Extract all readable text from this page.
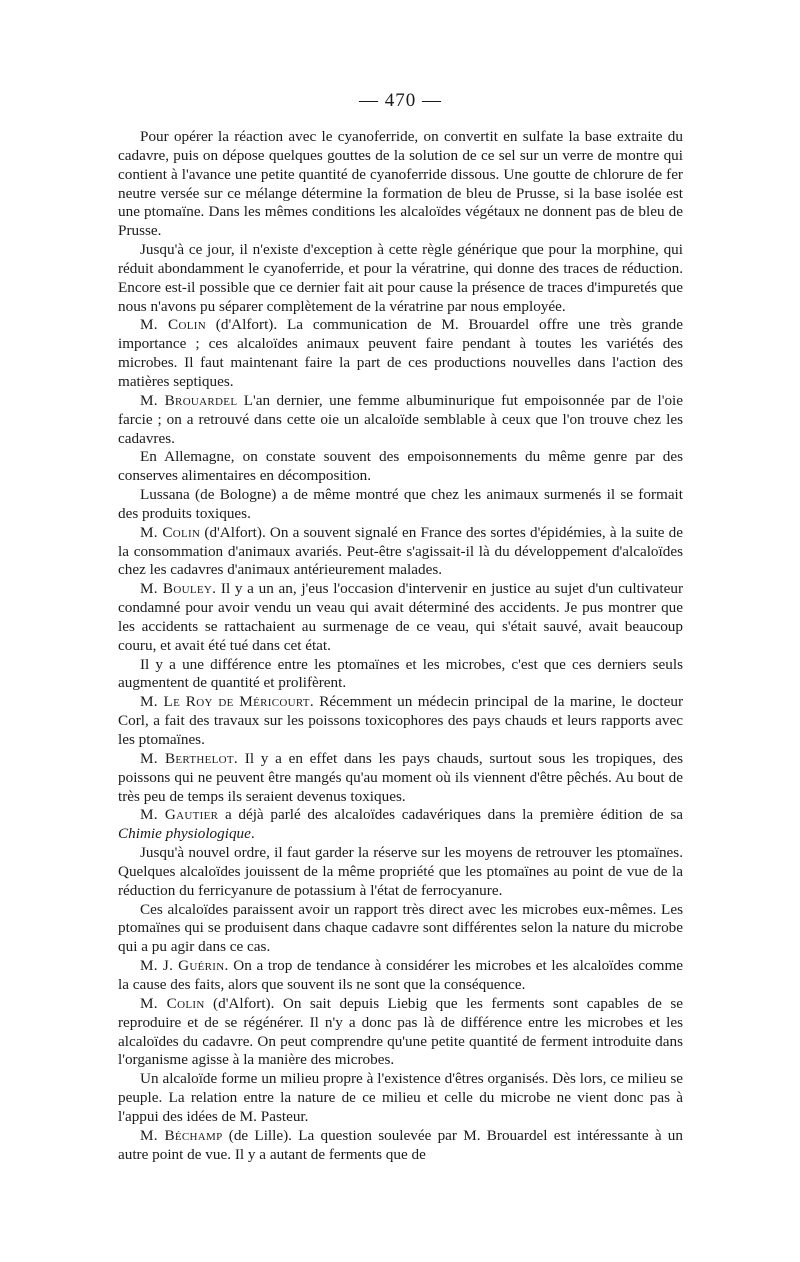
— 470 —

Pour opérer la réaction avec le cyanoferride, on convertit en sulfate la base extraite du cadavre, puis on dépose quelques gouttes de la solution de ce sel sur un verre de montre qui contient à l'avance une petite quantité de cyanoferride dissous. Une goutte de chlorure de fer neutre versée sur ce mélange détermine la formation de bleu de Prusse, si la base isolée est une ptomaïne. Dans les mêmes conditions les alcaloïdes végétaux ne donnent pas de bleu de Prusse.

Jusqu'à ce jour, il n'existe d'exception à cette règle générique que pour la morphine, qui réduit abondamment le cyanoferride, et pour la vératrine, qui donne des traces de réduction. Encore est-il possible que ce dernier fait ait pour cause la présence de traces d'impuretés que nous n'avons pu séparer complètement de la vératrine par nous employée.

M. Colin (d'Alfort). La communication de M. Brouardel offre une très grande importance ; ces alcaloïdes animaux peuvent faire pendant à toutes les variétés des microbes. Il faut maintenant faire la part de ces productions nouvelles dans l'action des matières septiques.

M. Brouardel L'an dernier, une femme albuminurique fut empoisonnée par de l'oie farcie ; on a retrouvé dans cette oie un alcaloïde semblable à ceux que l'on trouve chez les cadavres.

En Allemagne, on constate souvent des empoisonnements du même genre par des conserves alimentaires en décomposition.

Lussana (de Bologne) a de même montré que chez les animaux surmenés il se formait des produits toxiques.

M. Colin (d'Alfort). On a souvent signalé en France des sortes d'épidémies, à la suite de la consommation d'animaux avariés. Peut-être s'agissait-il là du développement d'alcaloïdes chez les cadavres d'animaux antérieurement malades.

M. Bouley. Il y a un an, j'eus l'occasion d'intervenir en justice au sujet d'un cultivateur condamné pour avoir vendu un veau qui avait déterminé des accidents. Je pus montrer que les accidents se rattachaient au surmenage de ce veau, qui s'était sauvé, avait beaucoup couru, et avait été tué dans cet état.

Il y a une différence entre les ptomaïnes et les microbes, c'est que ces derniers seuls augmentent de quantité et prolifèrent.

M. Le Roy de Méricourt. Récemment un médecin principal de la marine, le docteur Corl, a fait des travaux sur les poissons toxicophores des pays chauds et leurs rapports avec les ptomaïnes.

M. Berthelot. Il y a en effet dans les pays chauds, surtout sous les tropiques, des poissons qui ne peuvent être mangés qu'au moment où ils viennent d'être pêchés. Au bout de très peu de temps ils seraient devenus toxiques.

M. Gautier a déjà parlé des alcaloïdes cadavériques dans la première édition de sa Chimie physiologique.

Jusqu'à nouvel ordre, il faut garder la réserve sur les moyens de retrouver les ptomaïnes. Quelques alcaloïdes jouissent de la même propriété que les ptomaïnes au point de vue de la réduction du ferricyanure de potassium à l'état de ferrocyanure.

Ces alcaloïdes paraissent avoir un rapport très direct avec les microbes eux-mêmes. Les ptomaïnes qui se produisent dans chaque cadavre sont différentes selon la nature du microbe qui a pu agir dans ce cas.

M. J. Guérin. On a trop de tendance à considérer les microbes et les alcaloïdes comme la cause des faits, alors que souvent ils ne sont que la conséquence.

M. Colin (d'Alfort). On sait depuis Liebig que les ferments sont capables de se reproduire et de se régénérer. Il n'y a donc pas là de différence entre les microbes et les alcaloïdes du cadavre. On peut comprendre qu'une petite quantité de ferment introduite dans l'organisme agisse à la manière des microbes.

Un alcaloïde forme un milieu propre à l'existence d'êtres organisés. Dès lors, ce milieu se peuple. La relation entre la nature de ce milieu et celle du microbe ne vient donc pas à l'appui des idées de M. Pasteur.

M. Béchamp (de Lille). La question soulevée par M. Brouardel est intéressante à un autre point de vue. Il y a autant de ferments que de
